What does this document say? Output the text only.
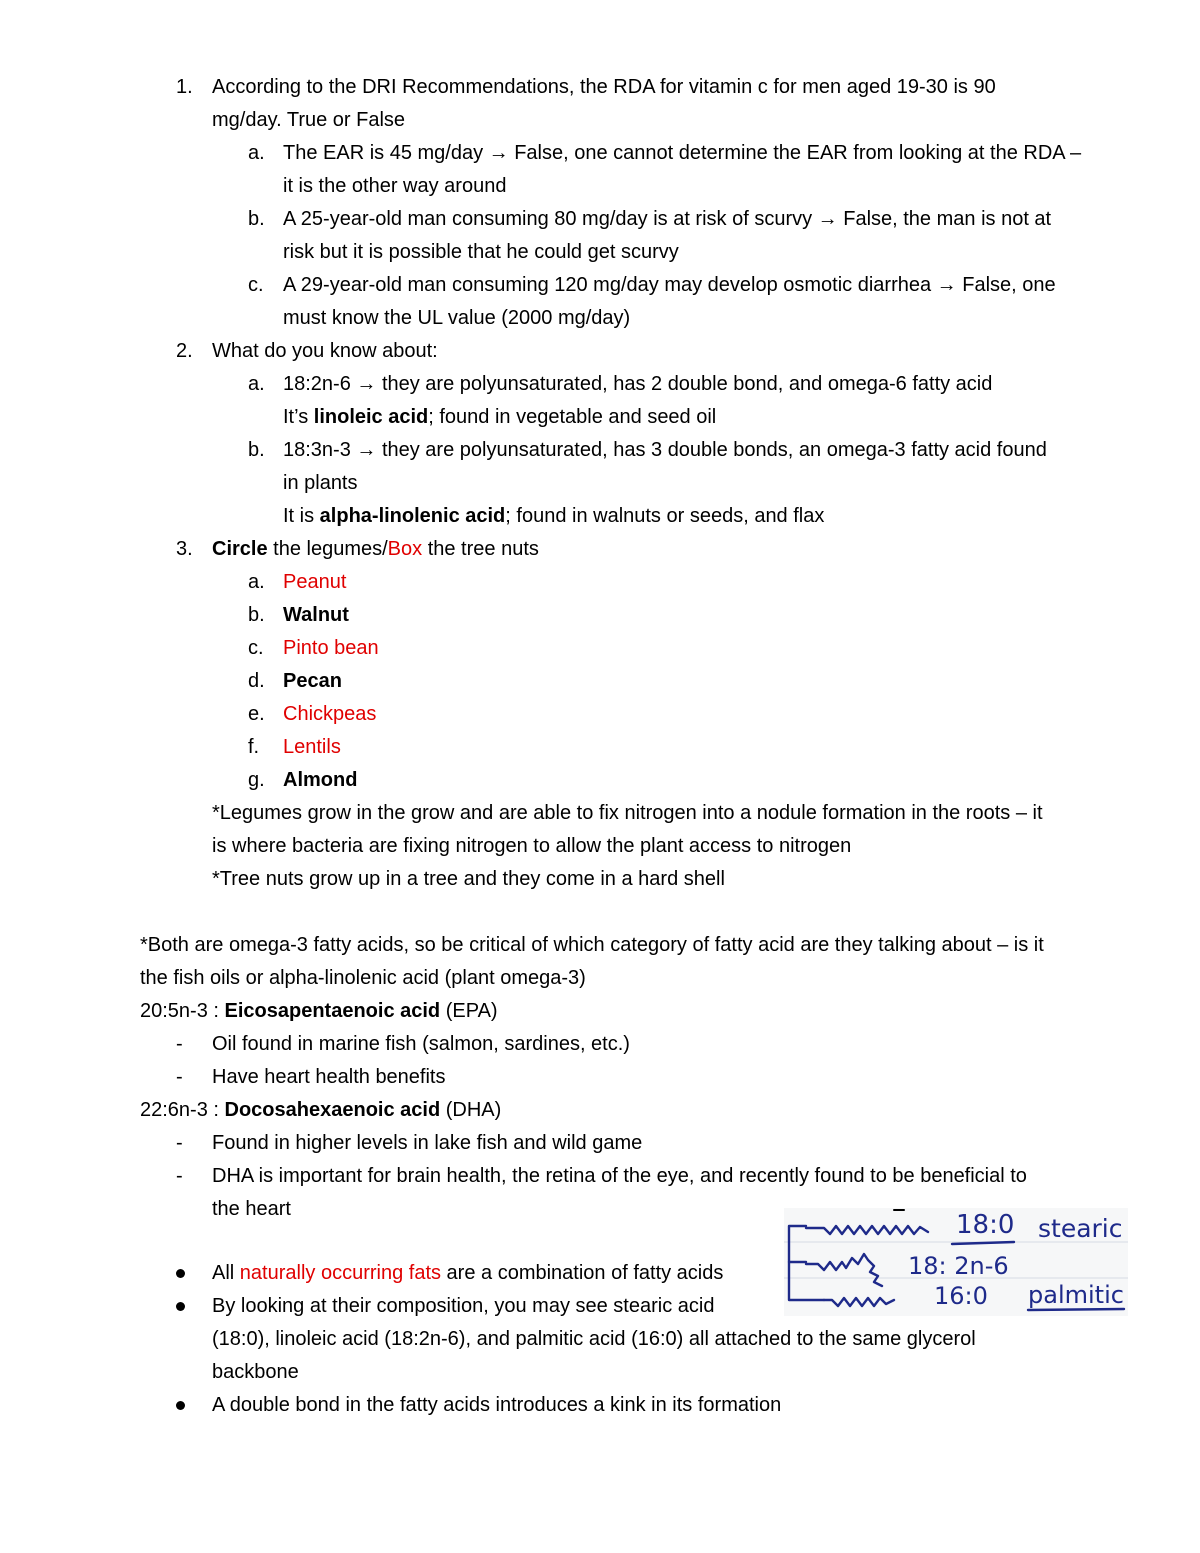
1. According to the DRI Recommendations, the RDA for vitamin c for men aged 19-30 is 90
mg/day. True or False
a. The EAR is 45 mg/day → False, one cannot determine the EAR from looking at the RDA –
it is the other way around
b. A 25-year-old man consuming 80 mg/day is at risk of scurvy → False, the man is not at
risk but it is possible that he could get scurvy
c. A 29-year-old man consuming 120 mg/day may develop osmotic diarrhea → False, one
must know the UL value (2000 mg/day)
2. What do you know about:
a. 18:2n-6 → they are polyunsaturated, has 2 double bond, and omega-6 fatty acid
It’s linoleic acid; found in vegetable and seed oil
b. 18:3n-3 → they are polyunsaturated, has 3 double bonds, an omega-3 fatty acid found
in plants
It is alpha-linolenic acid; found in walnuts or seeds, and flax
3. Circle the legumes/Box the tree nuts
a. Peanut
b. Walnut
c. Pinto bean
d. Pecan
e. Chickpeas
f. Lentils
g. Almond
*Legumes grow in the grow and are able to fix nitrogen into a nodule formation in the roots – it
is where bacteria are fixing nitrogen to allow the plant access to nitrogen
*Tree nuts grow up in a tree and they come in a hard shell
*Both are omega-3 fatty acids, so be critical of which category of fatty acid are they talking about – is it
the fish oils or alpha-linolenic acid (plant omega-3)
20:5n-3 : Eicosapentaenoic acid (EPA)
- Oil found in marine fish (salmon, sardines, etc.)
- Have heart health benefits
22:6n-3 : Docosahexaenoic acid (DHA)
- Found in higher levels in lake fish and wild game
- DHA is important for brain health, the retina of the eye, and recently found to be beneficial to
the heart
All naturally occurring fats are a combination of fatty acids
By looking at their composition, you may see stearic acid
(18:0), linoleic acid (18:2n-6), and palmitic acid (16:0) all attached to the same glycerol
backbone
A double bond in the fatty acids introduces a kink in its formation
18:0 stearic
18: 2n-6
16:0 palmitic
